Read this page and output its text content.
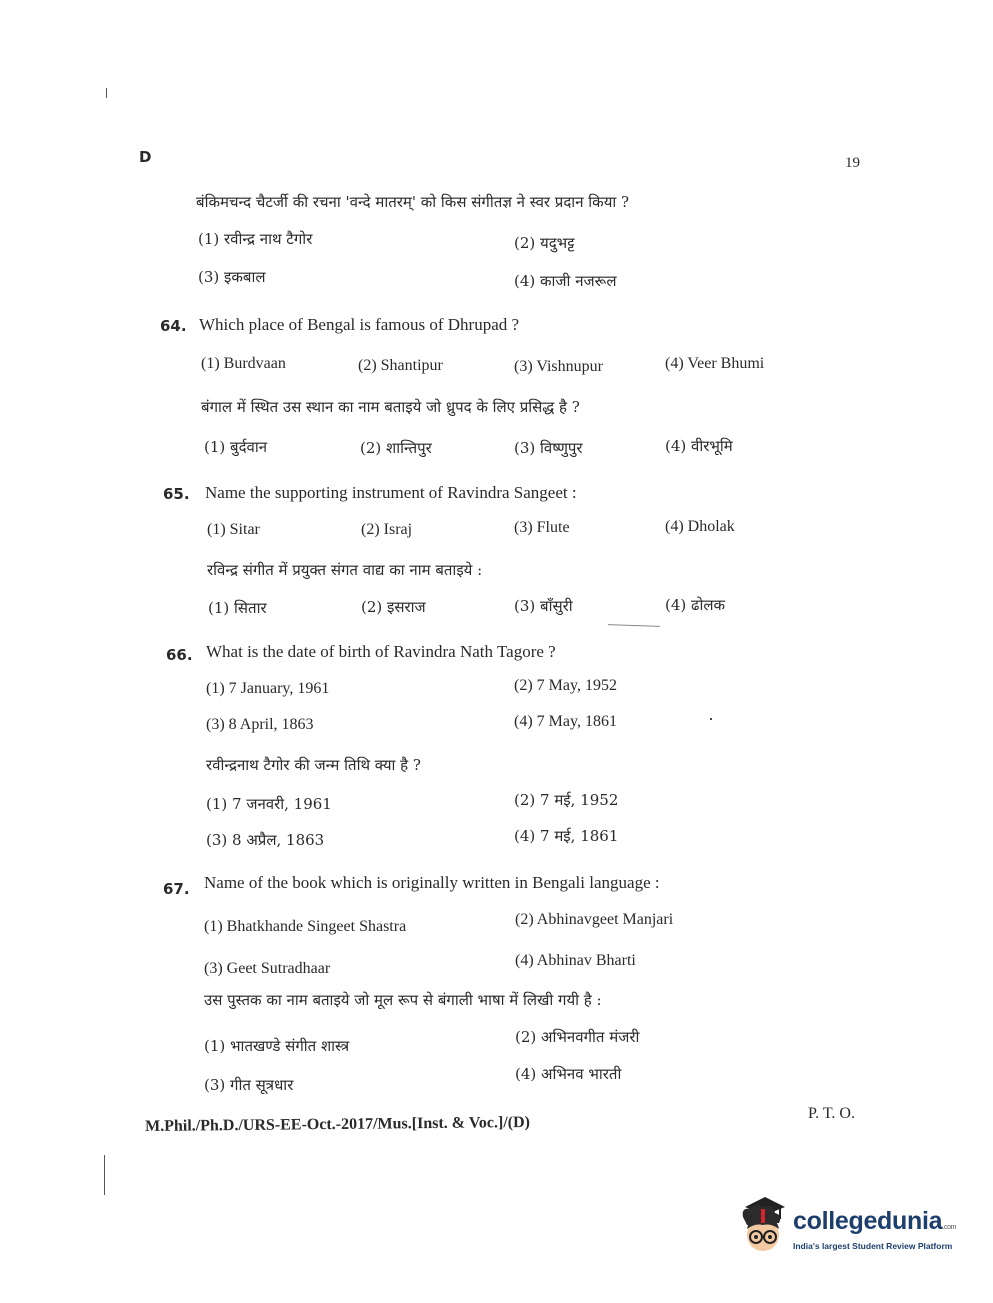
D	19
बंकिमचन्द चैटर्जी की रचना 'वन्दे मातरम्' को किस संगीतज्ञ ने स्वर प्रदान किया ?
(1) रवीन्द्र नाथ टैगोर	(2) यदुभट्ट
(3) इकबाल	(4) काजी नजरूल
64. Which place of Bengal is famous of Dhrupad ?
(1) Burdvaan	(2) Shantipur	(3) Vishnupur	(4) Veer Bhumi
बंगाल में स्थित उस स्थान का नाम बताइये जो ध्रुपद के लिए प्रसिद्ध है ?
(1) बुर्दवान	(2) शान्तिपुर	(3) विष्णुपुर	(4) वीरभूमि
65. Name the supporting instrument of Ravindra Sangeet :
(1) Sitar	(2) Israj	(3) Flute	(4) Dholak
रविन्द्र संगीत में प्रयुक्त संगत वाद्य का नाम बताइये :
(1) सितार	(2) इसराज	(3) बाँसुरी	(4) ढोलक
66. What is the date of birth of Ravindra Nath Tagore ?
(1) 7 January, 1961	(2) 7 May, 1952
(3) 8 April, 1863	(4) 7 May, 1861
रवीन्द्रनाथ टैगोर की जन्म तिथि क्या है ?
(1) 7 जनवरी, 1961	(2) 7 मई, 1952
(3) 8 अप्रैल, 1863	(4) 7 मई, 1861
67. Name of the book which is originally written in Bengali language :
(1) Bhatkhande Singeet Shastra	(2) Abhinavgeet Manjari
(3) Geet Sutradhaar	(4) Abhinav Bharti
उस पुस्तक का नाम बताइये जो मूल रूप से बंगाली भाषा में लिखी गयी है :
(1) भातखण्डे संगीत शास्त्र	(2) अभिनवगीत मंजरी
(3) गीत सूत्रधार
(4) अभिनव भारती
P. T. O.
M.Phil./Ph.D./URS-EE-Oct.-2017/Mus.[Inst. & Voc.]/(D)
collegedunia.com
India's largest Student Review Platform
